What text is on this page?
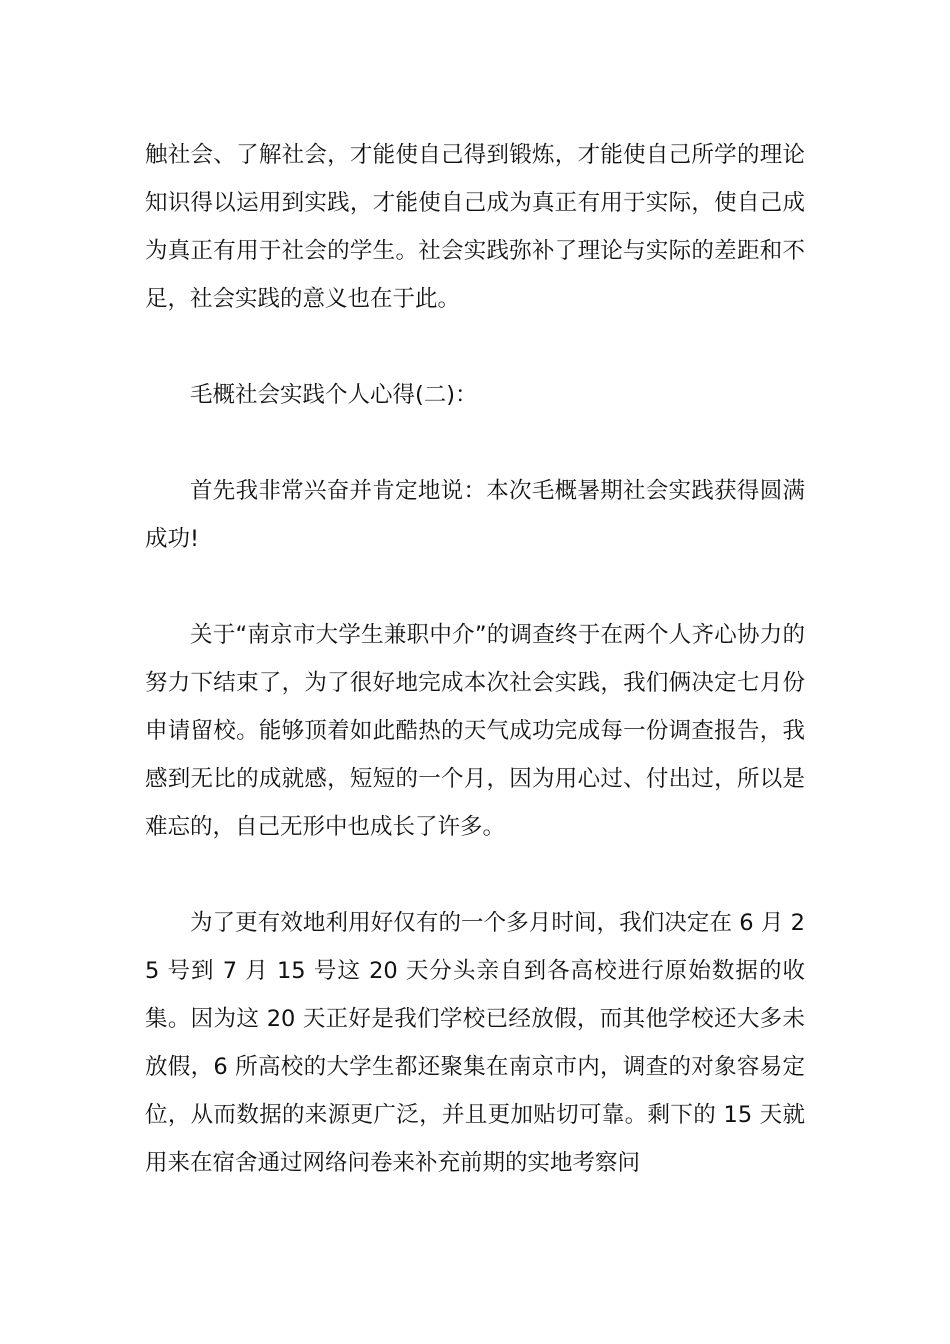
触社会、了解社会，才能使自己得到锻炼，才能使自己所学的理论知识得以运用到实践，才能使自己成为真正有用于实际，使自己成为真正有用于社会的学生。社会实践弥补了理论与实际的差距和不足，社会实践的意义也在于此。

毛概社会实践个人心得(二)：

首先我非常兴奋并肯定地说：本次毛概暑期社会实践获得圆满成功!

关于“南京市大学生兼职中介”的调查终于在两个人齐心协力的努力下结束了，为了很好地完成本次社会实践，我们俩决定七月份申请留校。能够顶着如此酷热的天气成功完成每一份调查报告，我感到无比的成就感，短短的一个月，因为用心过、付出过，所以是难忘的，自己无形中也成长了许多。

为了更有效地利用好仅有的一个多月时间，我们决定在 6 月 25 号到 7 月 15 号这 20 天分头亲自到各高校进行原始数据的收集。因为这 20 天正好是我们学校已经放假，而其他学校还大多未放假，6 所高校的大学生都还聚集在南京市内，调查的对象容易定位，从而数据的来源更广泛，并且更加贴切可靠。剩下的 15 天就用来在宿舍通过网络问卷来补充前期的实地考察问
